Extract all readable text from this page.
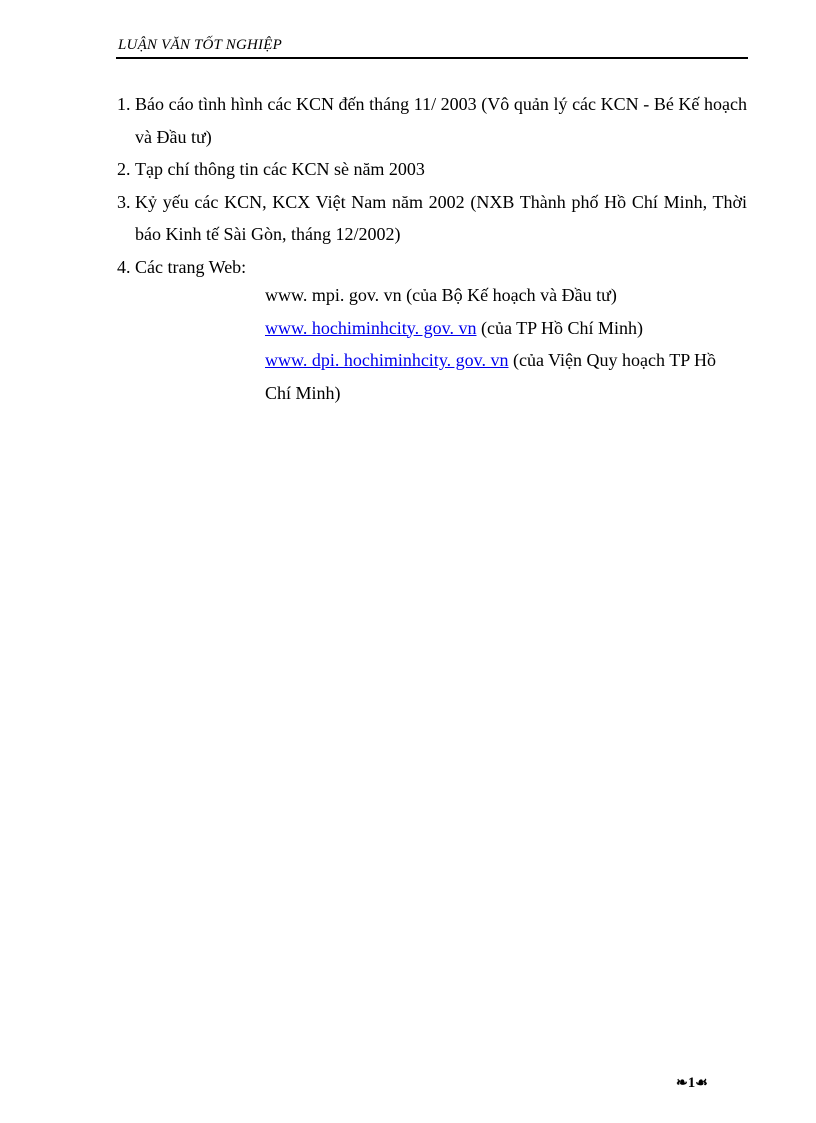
LUẬN VĂN TỐT NGHIỆP
1. Báo cáo tình hình các KCN đến tháng 11/ 2003 (Vô quản lý các KCN - Bé Kế hoạch và Đầu tư)
2. Tạp chí thông tin các KCN sè năm 2003
3. Kỷ yếu các KCN, KCX Việt Nam năm 2002 (NXB Thành phố Hồ Chí Minh, Thời báo Kinh tế Sài Gòn, tháng 12/2002)
4. Các trang Web:
www. mpi. gov. vn (của Bộ Kế hoạch và Đầu tư)
www. hochiminhcity. gov. vn (của TP Hồ Chí Minh)
www. dpi. hochiminhcity. gov. vn (của Viện Quy hoạch TP Hồ Chí Minh)
❧1☙
